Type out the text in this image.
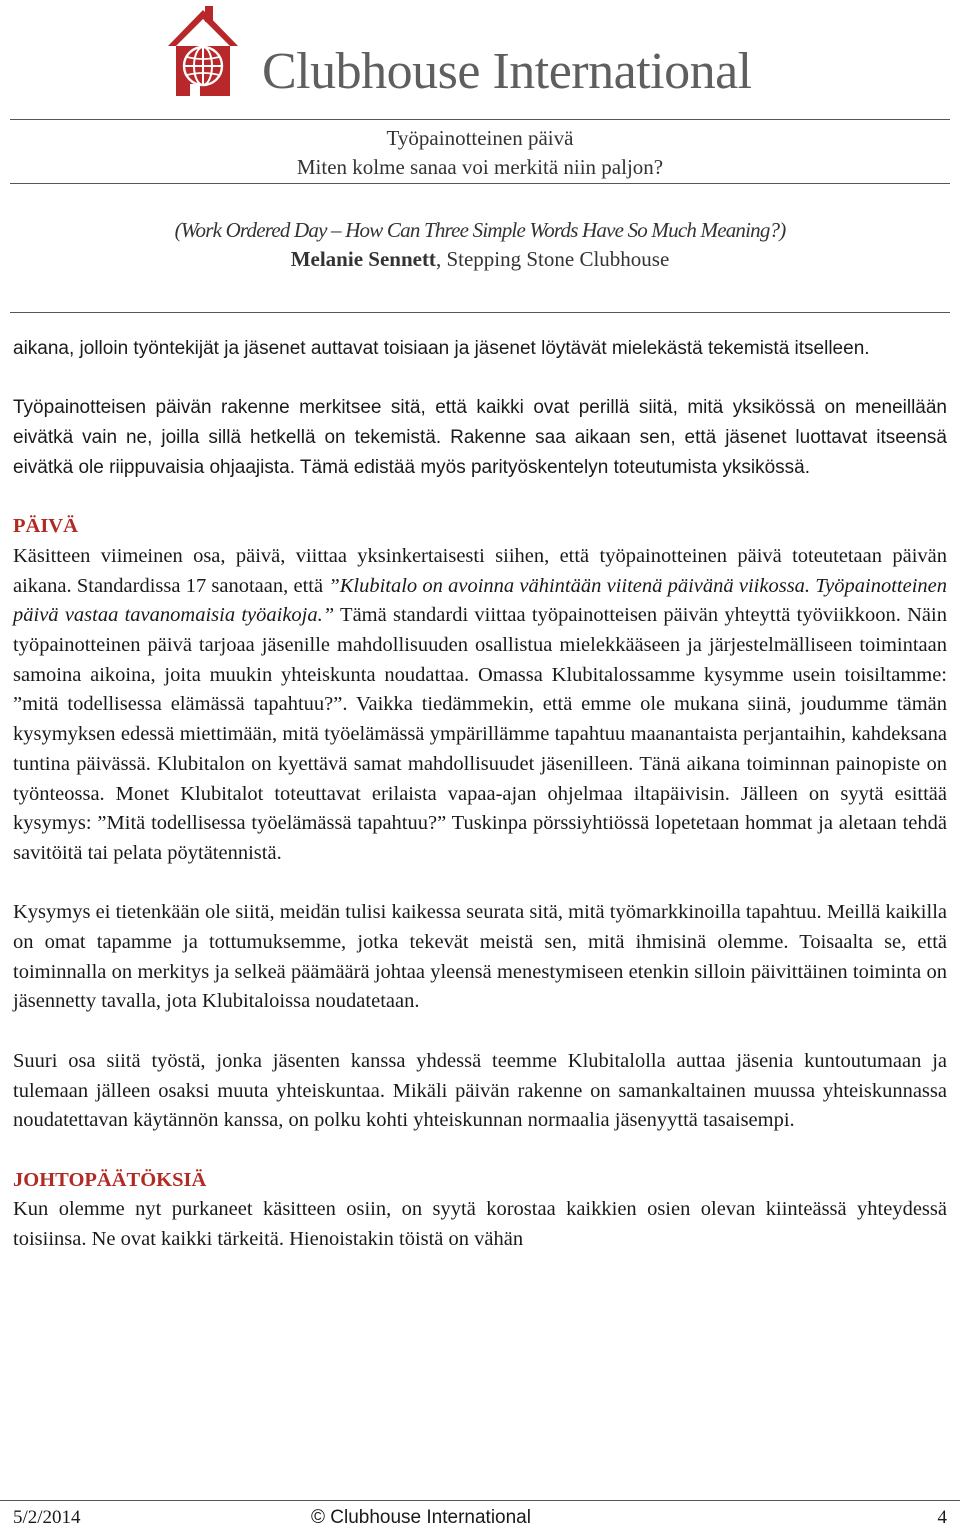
Clubhouse International
Työpainotteinen päivä
Miten kolme sanaa voi merkitä niin paljon?
(Work Ordered Day – How Can Three Simple Words Have So Much Meaning?)
Melanie Sennett, Stepping Stone Clubhouse

aikana, jolloin työntekijät ja jäsenet auttavat toisiaan ja jäsenet löytävät mielekästä tekemistä itselleen.

Työpainotteisen päivän rakenne merkitsee sitä, että kaikki ovat perillä siitä, mitä yksikössä on meneillään eivätkä vain ne, joilla sillä hetkellä on tekemistä. Rakenne saa aikaan sen, että jäsenet luottavat itseensä eivätkä ole riippuvaisia ohjaajista. Tämä edistää myös parityöskentelyn toteutumista yksikössä.

PÄIVÄ

Käsitteen viimeinen osa, päivä, viittaa yksinkertaisesti siihen, että työpainotteinen päivä toteutetaan päivän aikana. Standardissa 17 sanotaan, että ”Klubitalo on avoinna vähintään viitenä päivänä viikossa. Työpainotteinen päivä vastaa tavanomaisia työaikoja.” Tämä standardi viittaa työpainotteisen päivän yhteyttä työviikkoon. Näin työpainotteinen päivä tarjoaa jäsenille mahdollisuuden osallistua mielekkääseen ja järjestelmälliseen toimintaan samoina aikoina, joita muukin yhteiskunta noudattaa. Omassa Klubitalossamme kysymme usein toisiltamme: ”mitä todellisessa elämässä tapahtuu?”. Vaikka tiedämmekin, että emme ole mukana siinä, joudumme tämän kysymyksen edessä miettimään, mitä työelämässä ympärillämme tapahtuu maanantaista perjantaihin, kahdeksana tuntina päivässä. Klubitalon on kyettävä samat mahdollisuudet jäsenilleen. Tänä aikana toiminnan painopiste on työnteossa. Monet Klubitalot toteuttavat erilaista vapaa-ajan ohjelmaa iltapäivisin. Jälleen on syytä esittää kysymys: ”Mitä todellisessa työelämässä tapahtuu?” Tuskinpa pörssiyhtiössä lopetetaan hommat ja aletaan tehdä savitöitä tai pelata pöytätennistä.

Kysymys ei tietenkään ole siitä, meidän tulisi kaikessa seurata sitä, mitä työmarkkinoilla tapahtuu. Meillä kaikilla on omat tapamme ja tottumuksemme, jotka tekevät meistä sen, mitä ihmisinä olemme. Toisaalta se, että toiminnalla on merkitys ja selkeä päämäärä johtaa yleensä menestymiseen etenkin silloin päivittäinen toiminta on jäsennetty tavalla, jota Klubitaloissa noudatetaan.

Suuri osa siitä työstä, jonka jäsenten kanssa yhdessä teemme Klubitalolla auttaa jäsenia kuntoutumaan ja tulemaan jälleen osaksi muuta yhteiskuntaa. Mikäli päivän rakenne on samankaltainen muussa yhteiskunnassa noudatettavan käytännön kanssa, on polku kohti yhteiskunnan normaalia jäsenyyttä tasaisempi.

JOHTOPÄÄTÖKSIÄ

Kun olemme nyt purkaneet käsitteen osiin, on syytä korostaa kaikkien osien olevan kiinteässä yhteydessä toisiinsa. Ne ovat kaikki tärkeitä. Hienoistakin töistä on vähän

5/2/2014	© Clubhouse International	4
